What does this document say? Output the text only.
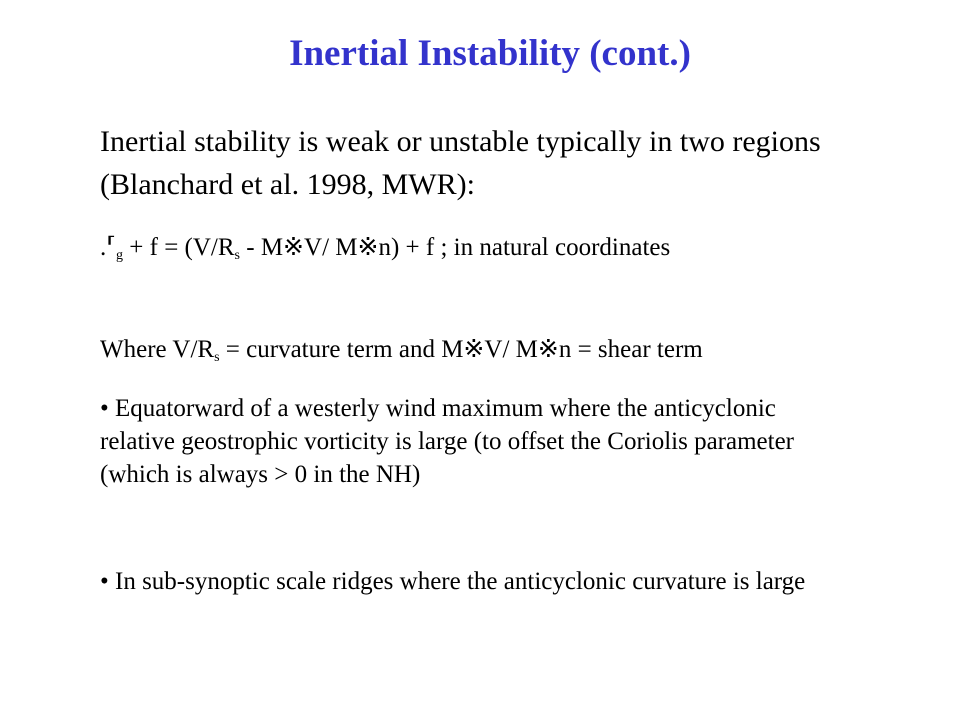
Inertial Instability (cont.)
Inertial stability is weak or unstable typically in two regions (Blanchard et al. 1998, MWR):
$.⸢_g + f = (V/R_s$ - M※V/ M※n) + f ; in natural coordinates
Where $V/R_s$ = curvature term and M※V/ M※n = shear term
• Equatorward of a westerly wind maximum where the anticyclonic relative geostrophic vorticity is large (to offset the Coriolis parameter (which is always > 0 in the NH)
• In sub-synoptic scale ridges where the anticyclonic curvature is large
